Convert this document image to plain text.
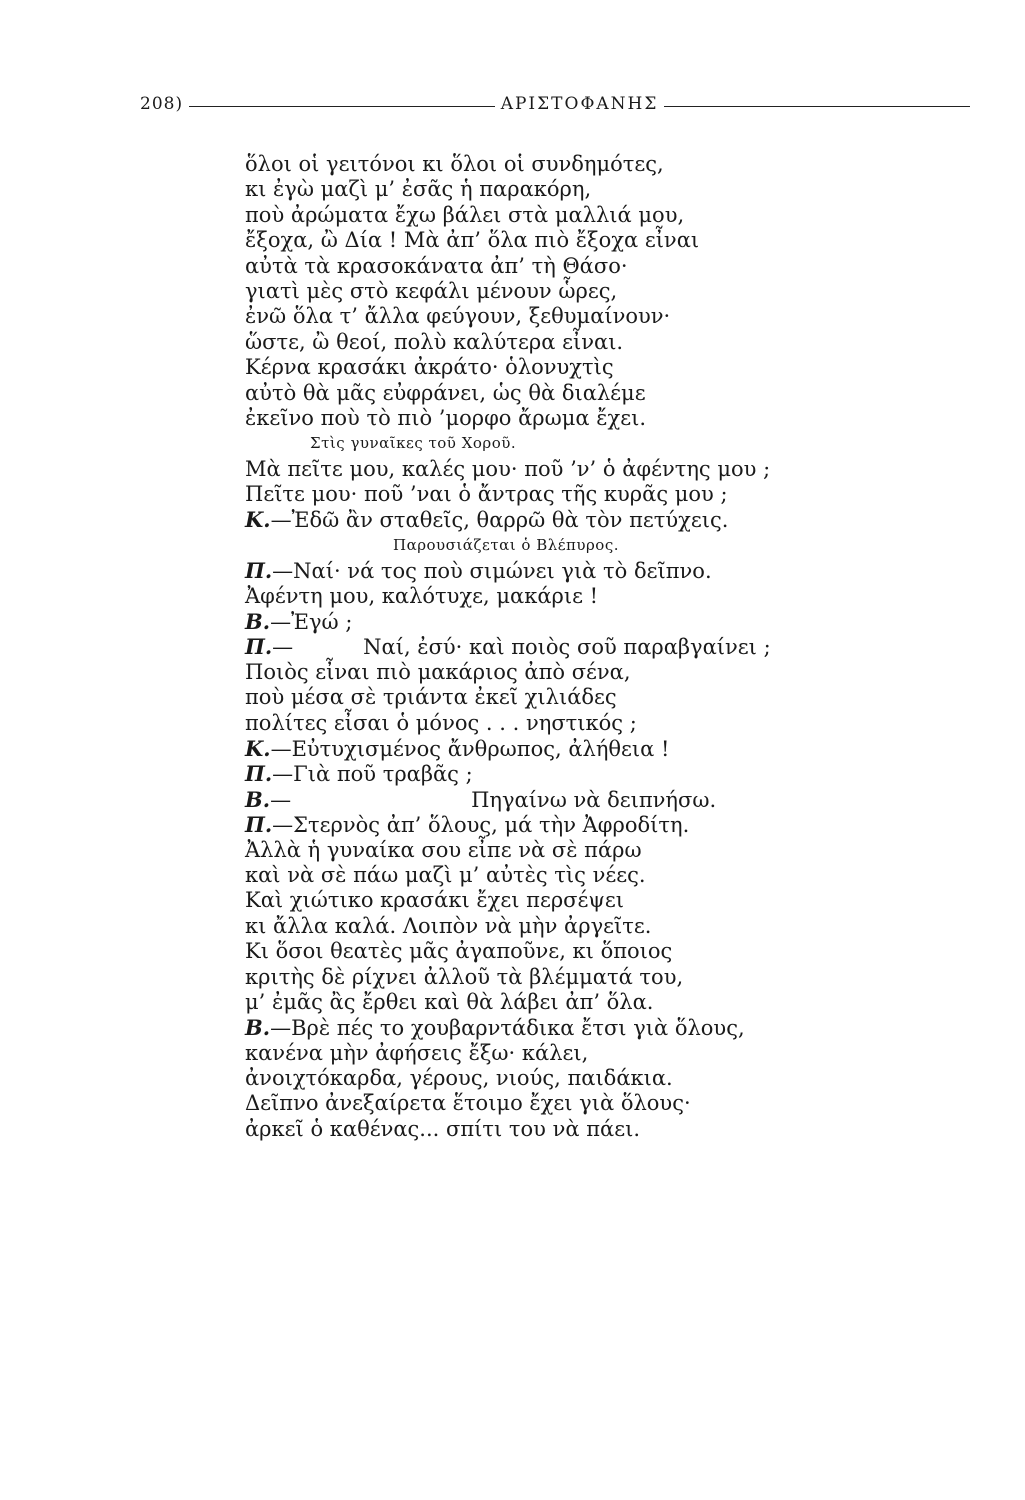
208)	ΑΡΙΣΤΟΦΑΝΗΣ
ὅλοι οἱ γειτόνοι κι ὅλοι οἱ συνδημότες,
κι ἐγὼ μαζὶ μ’ ἐσᾶς ἡ παρακόρη,
ποὺ ἀρώματα ἔχω βάλει στὰ μαλλιά μου,
ἔξοχα, ὢ Δία ! Μὰ ἀπ’ ὅλα πιὸ ἔξοχα εἶναι
αὐτὰ τὰ κρασοκάνατα ἀπ’ τὴ Θάσο·
γιατὶ μὲς στὸ κεφάλι μένουν ὧρες,
ἐνῶ ὅλα τ’ ἄλλα φεύγουν, ξεθυμαίνουν·
ὥστε, ὢ θεοί, πολὺ καλύτερα εἶναι.
Κέρνα κρασάκι ἀκράτο· ὁλονυχτὶς
αὐτὸ θὰ μᾶς εὐφράνει, ὡς θὰ διαλέμε
ἐκεῖνο ποὺ τὸ πιὸ ’μορφο ἄρωμα ἔχει.
Στὶς γυναῖκες τοῦ Χοροῦ.
Μὰ πεῖτε μου, καλές μου· ποῦ ’ν’ ὁ ἀφέντης μου ;
Πεῖτε μου· ποῦ ’ναι ὁ ἄντρας τῆς κυρᾶς μου ;
Κ.—Ἐδῶ ἂν σταθεῖς, θαρρῶ θὰ τὸν πετύχεις.
Παρουσιάζεται ὁ Βλέπυρος.
Π.—Ναί· νά τος ποὺ σιμώνει γιὰ τὸ δεῖπνο.
Ἀφέντη μου, καλότυχε, μακάριε !
Β.—Ἐγώ ;
Π.—	Ναί, ἐσύ· καὶ ποιὸς σοῦ παραβγαίνει ;
Ποιὸς εἶναι πιὸ μακάριος ἀπὸ σένα,
ποὺ μέσα σὲ τριάντα ἐκεῖ χιλιάδες
πολίτες εἶσαι ὁ μόνος . . . νηστικός ;
Κ.—Εὐτυχισμένος ἄνθρωπος, ἀλήθεια !
Π.—Γιὰ ποῦ τραβᾶς ;
Β.—	Πηγαίνω νὰ δειπνήσω.
Π.—Στερνὸς ἀπ’ ὅλους, μά τὴν Ἀφροδίτη.
Ἀλλὰ ἡ γυναίκα σου εἶπε νὰ σὲ πάρω
καὶ νὰ σὲ πάω μαζὶ μ’ αὐτὲς τὶς νέες.
Καὶ χιώτικο κρασάκι ἔχει περσέψει
κι ἄλλα καλά. Λοιπὸν νὰ μὴν ἀργεῖτε.
Κι ὅσοι θεατὲς μᾶς ἀγαποῦνε, κι ὅποιος
κριτὴς δὲ ρίχνει ἀλλοῦ τὰ βλέμματά του,
μ’ ἐμᾶς ἂς ἔρθει καὶ θὰ λάβει ἀπ’ ὅλα.
Β.—Βρὲ πές το χουβαρντάδικα ἔτσι γιὰ ὅλους,
κανένα μὴν ἀφήσεις ἔξω· κάλει,
ἀνοιχτόκαρδα, γέρους, νιούς, παιδάκια.
Δεῖπνο ἀνεξαίρετα ἕτοιμο ἔχει γιὰ ὅλους·
ἀρκεῖ ὁ καθένας... σπίτι του νὰ πάει.
